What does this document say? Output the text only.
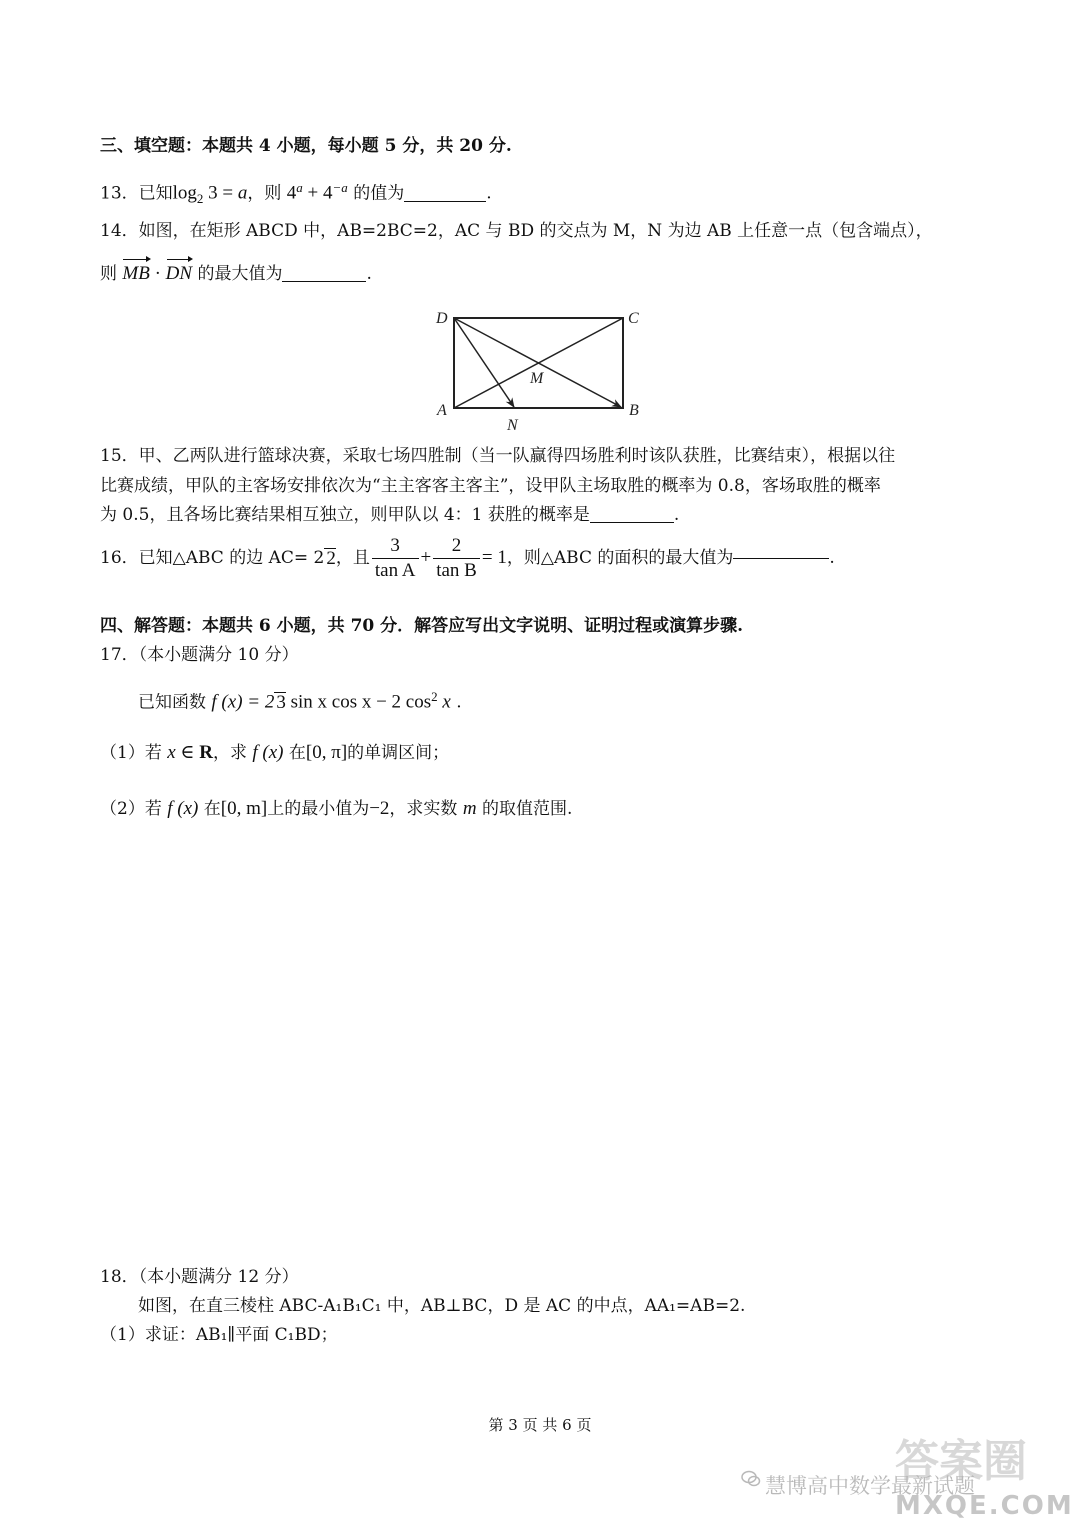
三、填空题：本题共 4 小题，每小题 5 分，共 20 分.
13．已知$\log_2 3 = a$，则 $4^a + 4^{-a}$ 的值为	.
14．如图，在矩形 ABCD 中，AB=2BC=2，AC 与 BD 的交点为 M，N 为边 AB 上任意一点（包含端点），
则 MB · DN 的最大值为	.
D	C
M
A	B
N
15．甲、乙两队进行篮球决赛，采取七场四胜制（当一队赢得四场胜利时该队获胜，比赛结束），根据以往
比赛成绩，甲队的主客场安排依次为“主主客客主客主”，设甲队主场取胜的概率为 0.8，客场取胜的概率
为 0.5，且各场比赛结果相互独立，则甲队以 4：1 获胜的概率是	.
16．已知△ABC 的边 AC= 2 2 ，且 $\frac{3}{\text{tan A}} + \frac{2}{\text{tan B}} = 1$ ，则△ABC 的面积的最大值为	.
四、解答题：本题共 6 小题，共 70 分．解答应写出文字说明、证明过程或演算步骤.
17．（本小题满分 10 分）
已知函数 f (x) = 2 3 sin x cos x − 2 $\cos^2 x$ .
（1）若 x ∈ R，求 f (x) 在[0, π]的单调区间；
（2）若 f (x) 在[0, m]上的最小值为−2，求实数 m 的取值范围.
18．（本小题满分 12 分）
如图，在直三棱柱 ABC-A₁B₁C₁ 中，AB⊥BC，D 是 AC 的中点，AA₁=AB=2.
（1）求证：AB₁∥平面 C₁BD；
第 3 页 共 6 页
答案圈
慧博高中数学最新试题
MXQE.COM
